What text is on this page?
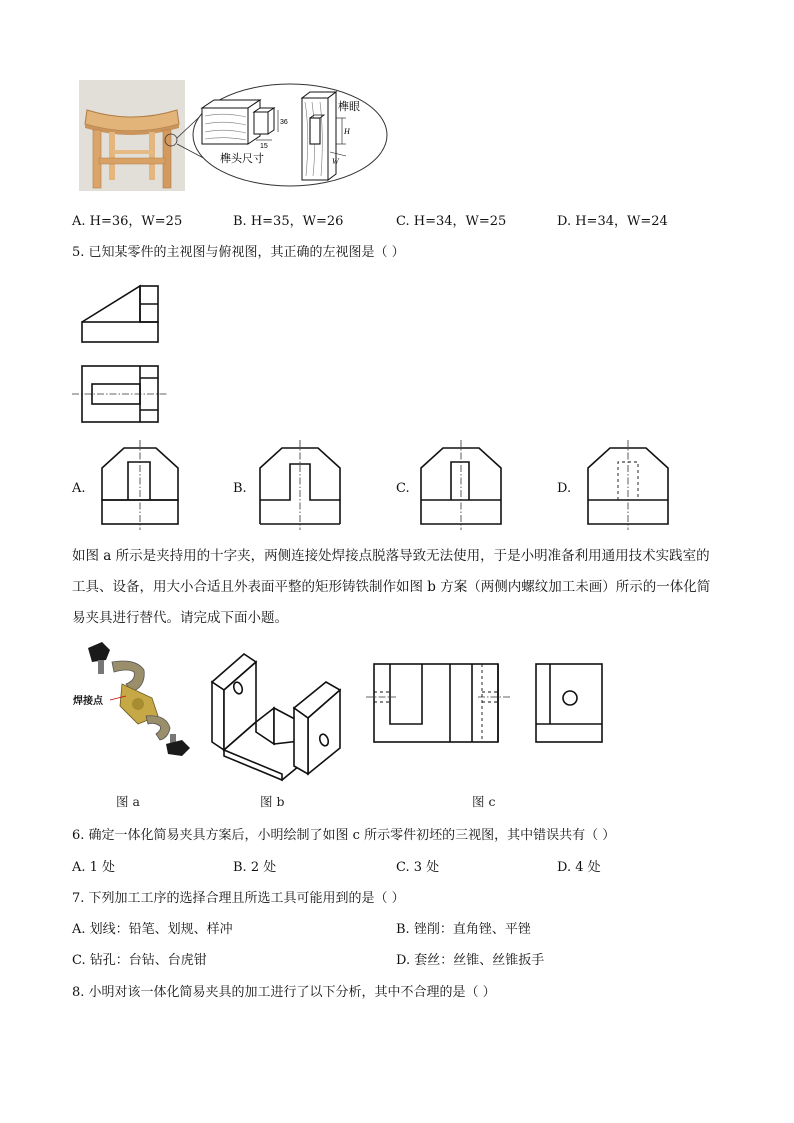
36
15
H
W
榫眼
榫头尺寸
A. H=36，W=25	B. H=35，W=26	C. H=34，W=25	D. H=34，W=24
5. 已知某零件的主视图与俯视图，其正确的左视图是（ ）
A.	B.	C.	D.
如图 a 所示是夹持用的十字夹，两侧连接处焊接点脱落导致无法使用，于是小明准备利用通用技术实践室的工具、设备，用大小合适且外表面平整的矩形铸铁制作如图 b 方案（两侧内螺纹加工未画）所示的一体化简易夹具进行替代。请完成下面小题。
焊接点
图 a	图 b	图 c
6. 确定一体化简易夹具方案后，小明绘制了如图 c 所示零件初坯的三视图，其中错误共有（ ）
A. 1 处	B. 2 处	C. 3 处	D. 4 处
7. 下列加工工序的选择合理且所选工具可能用到的是（ ）
A. 划线：铅笔、划规、样冲	B. 锉削：直角锉、平锉
C. 钻孔：台钻、台虎钳	D. 套丝：丝锥、丝锥扳手
8. 小明对该一体化简易夹具的加工进行了以下分析，其中不合理的是（ ）
